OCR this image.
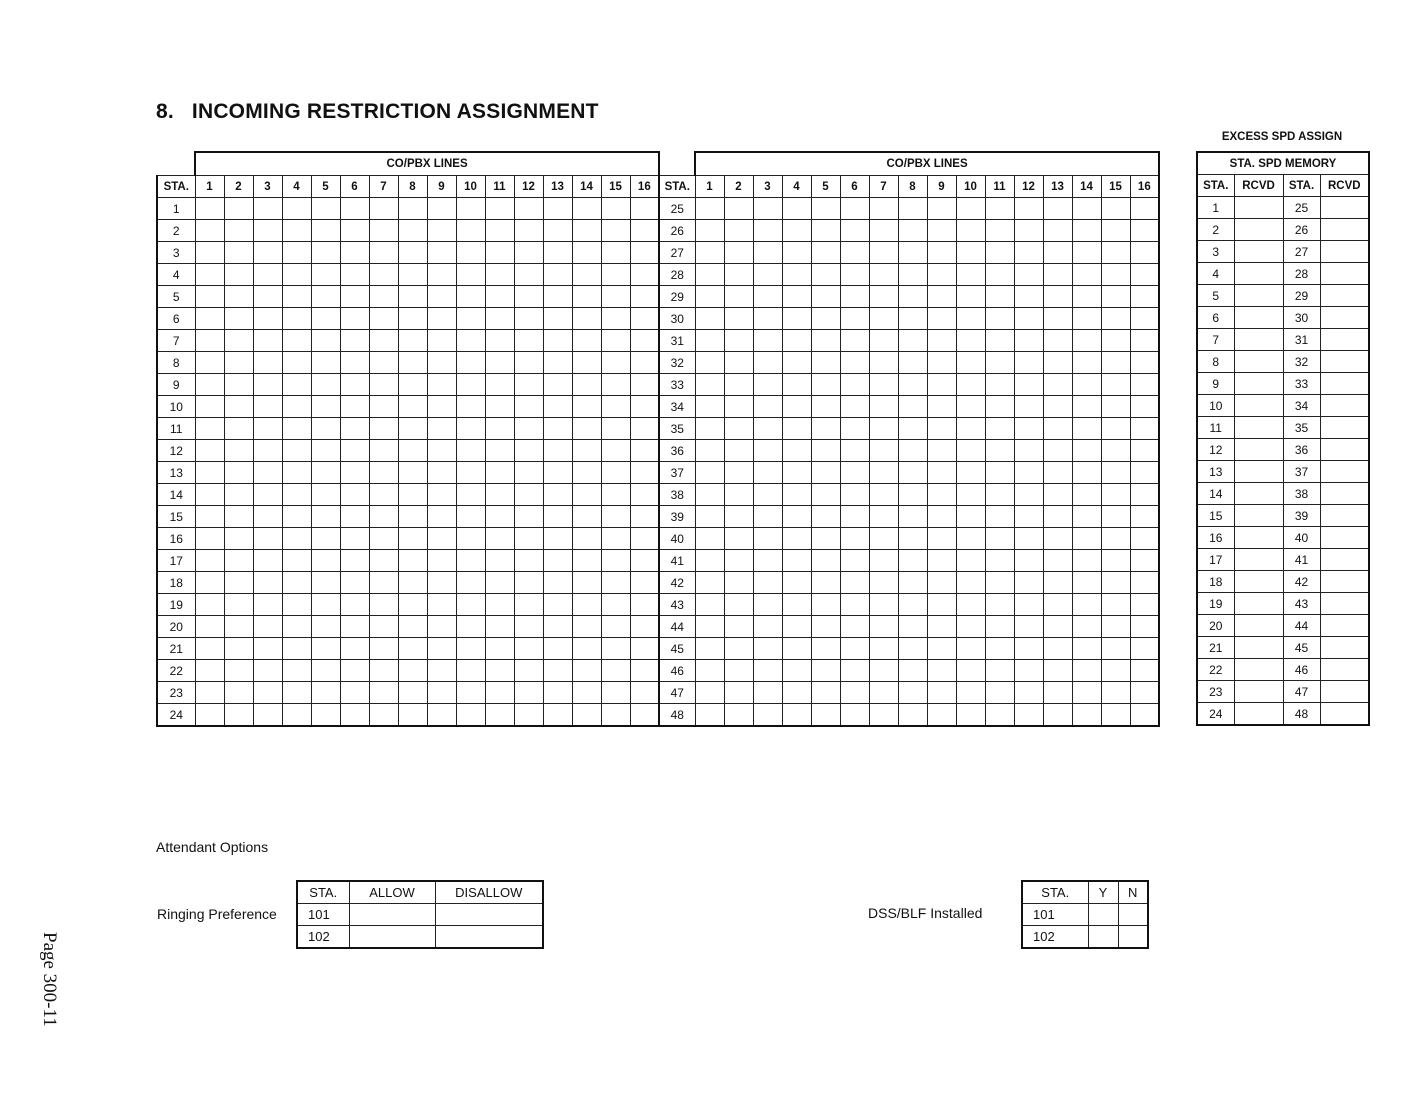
8. INCOMING RESTRICTION ASSIGNMENT
	CO/PBX LINES															
STA.	1	2	3	4	5	6	7	8	9	10	11	12	13	14	15	16
1																
2																
3																
4																
5																
6																
7																
8																
9																
10																
11																
12																
13																
14																
15																
16																
17																
18																
19																
20																
21																
22																
23																
24																
	CO/PBX LINES															
STA.	1	2	3	4	5	6	7	8	9	10	11	12	13	14	15	16
25																
26																
27																
28																
29																
30																
31																
32																
33																
34																
35																
36																
37																
38																
39																
40																
41																
42																
43																
44																
45																
46																
47																
48																

EXCESS SPD ASSIGN

STA. SPD MEMORY			
STA.	RCVD	STA.	RCVD
1		25	
2		26	
3		27	
4		28	
5		29	
6		30	
7		31	
8		32	
9		33	
10		34	
11		35	
12		36	
13		37	
14		38	
15		39	
16		40	
17		41	
18		42	
19		43	
20		44	
21		45	
22		46	
23		47	
24		48	

Attendant Options

Ringing Preference
STA.	ALLOW	DISALLOW
101		
102		
DSS/BLF Installed
STA.	Y	N
101		
102		
Page 300-11
